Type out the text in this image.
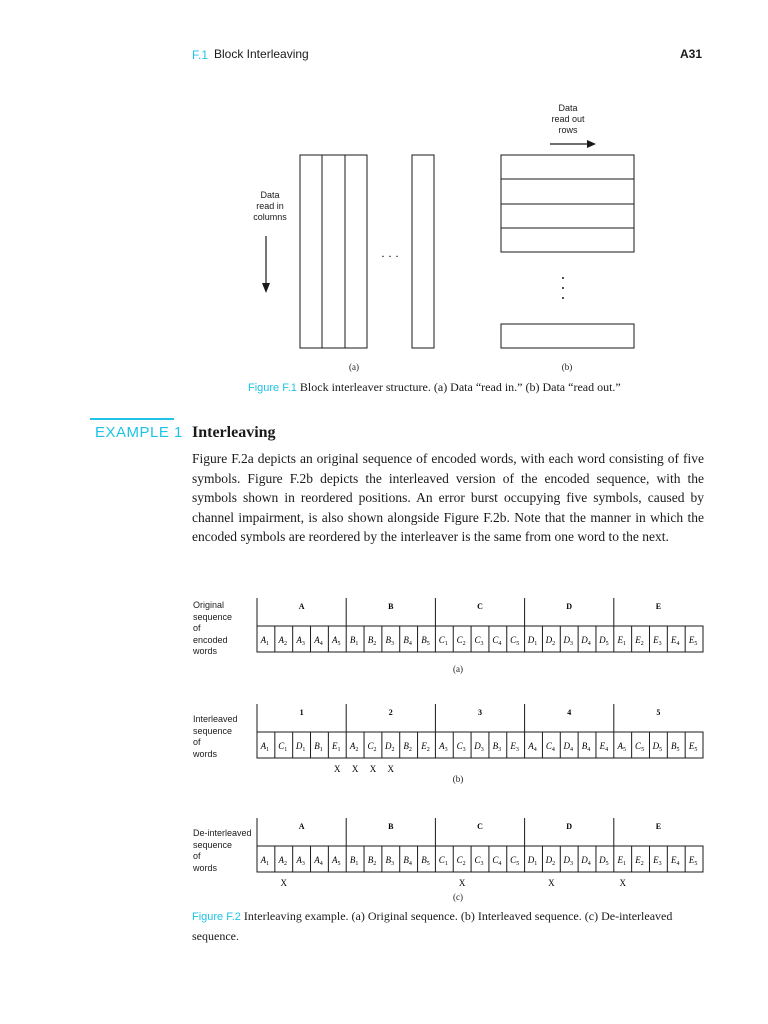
F.1 Block Interleaving	A31
· · ·
Data
read in
columns
Data
read out
rows
(a)	(b)
Figure F.1 Block interleaver structure. (a) Data “read in.” (b) Data “read out.”
EXAMPLE 1 Interleaving

Figure F.2a depicts an original sequence of encoded words, with each word consisting of five symbols. Figure F.2b depicts the interleaved version of the encoded sequence, with the symbols shown in reordered positions. An error burst occupying five symbols, caused by channel impairment, is also shown alongside Figure F.2b. Note that the manner in which the encoded symbols are reordered by the interleaver is the same from one word to the next.

Original
sequence
of
encoded
words
Interleaved
sequence
of
words
De-interleaved
sequence
of
words
A	B	C	D	E
$A_1$ $A_2$ $A_3$ $A_4$ $A_5$ $B_1$ $B_2$ $B_3$ $B_4$ $B_5$ $C_1$ $C_2$ $C_3$ $C_4$ $C_5$ $D_1$ $D_2$ $D_3$ $D_4$ $D_5$ $E_1$ $E_2$ $E_3$ $E_4$ $E_5$
1	2	3	4	5
$A_1$ $C_1$ $D_1$ $B_1$ $E_1$ $A_2$ $C_2$ $D_2$ $B_2$ $E_2$ $A_3$ $C_3$ $D_3$ $B_3$ $E_3$ $A_4$ $C_4$ $D_4$ $B_4$ $E_4$ $A_5$ $C_5$ $D_5$ $B_5$ $E_5$
X X X X
A	B	C	D	E
$A_1$ $A_2$ $A_3$ $A_4$ $A_5$ $B_1$ $B_2$ $B_3$ $B_4$ $B_5$ $C_1$ $C_2$ $C_3$ $C_4$ $C_5$ $D_1$ $D_2$ $D_3$ $D_4$ $D_5$ $E_1$ $E_2$ $E_3$ $E_4$ $E_5$
X	X	X	X
(a)
(b)
(c)
Figure F.2 Interleaving example. (a) Original sequence. (b) Interleaved sequence. (c) De-interleaved sequence.
